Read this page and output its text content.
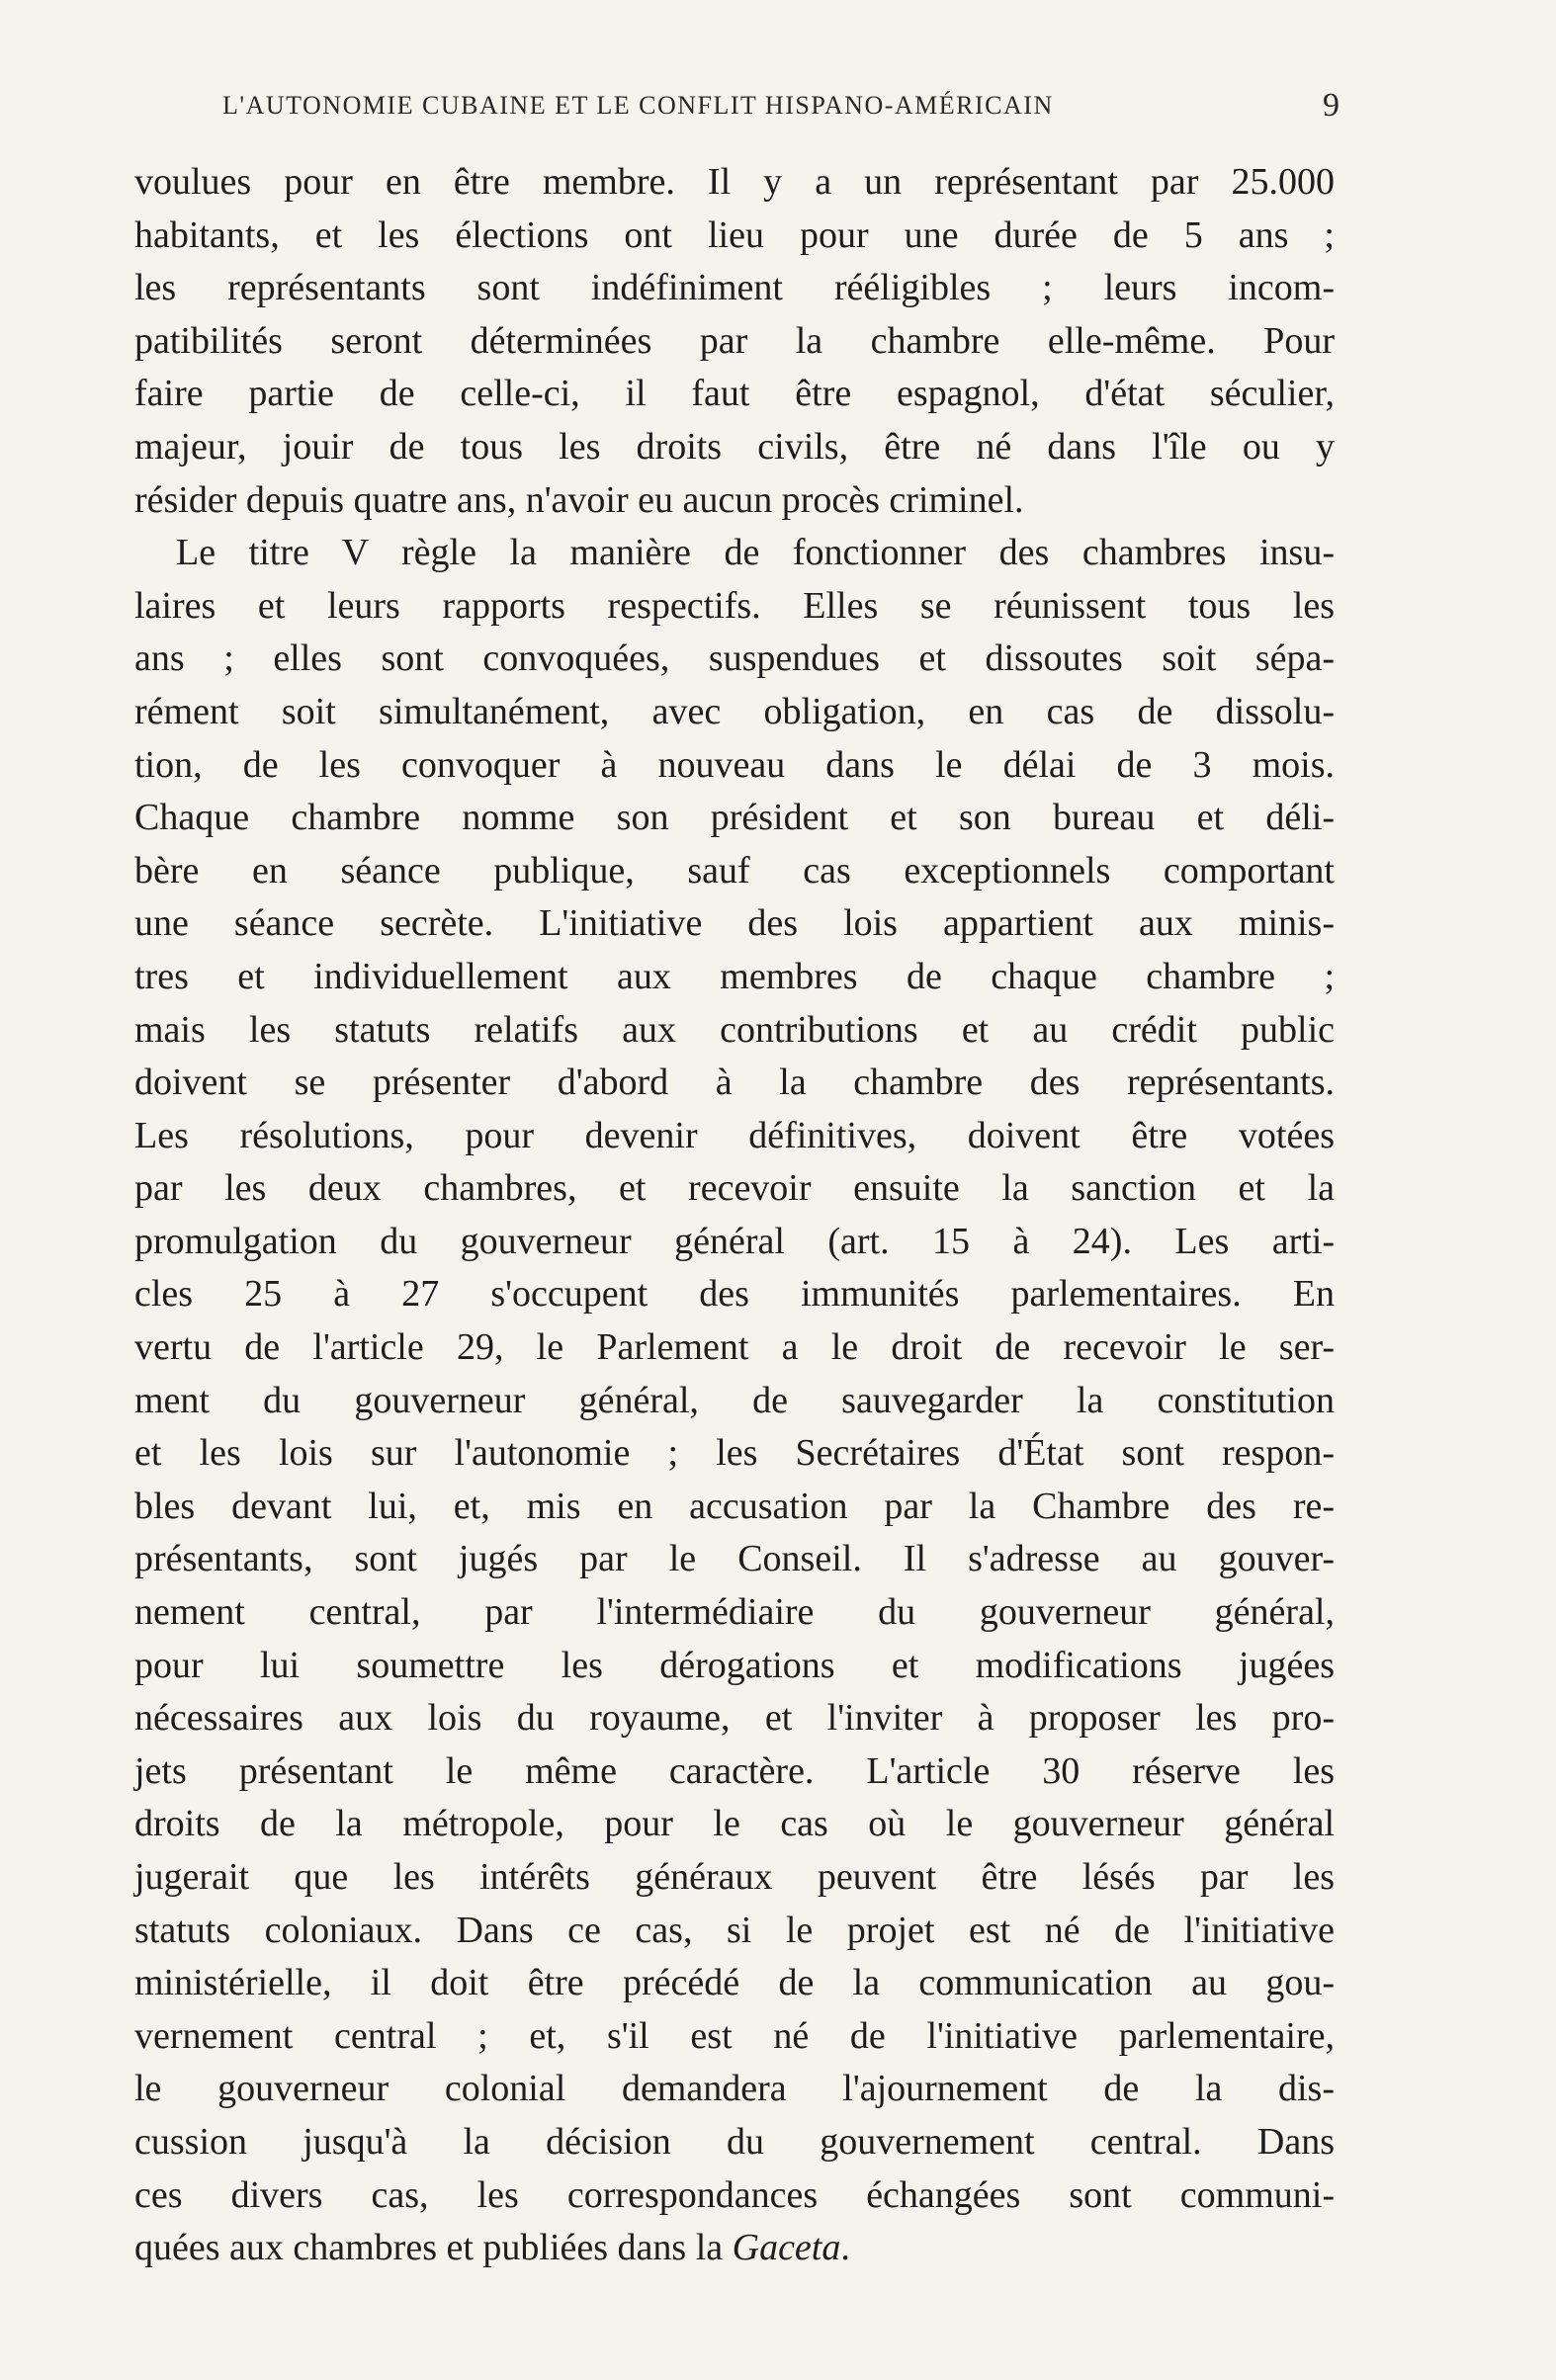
L'AUTONOMIE CUBAINE ET LE CONFLIT HISPANO-AMÉRICAIN	9
voulues pour en être membre. Il y a un représentant par 25.000
habitants, et les élections ont lieu pour une durée de 5 ans ;
les représentants sont indéfiniment rééligibles ; leurs incom-
patibilités seront déterminées par la chambre elle-même. Pour
faire partie de celle-ci, il faut être espagnol, d'état séculier,
majeur, jouir de tous les droits civils, être né dans l'île ou y
résider depuis quatre ans, n'avoir eu aucun procès criminel.
Le titre V règle la manière de fonctionner des chambres insu-
laires et leurs rapports respectifs. Elles se réunissent tous les
ans ; elles sont convoquées, suspendues et dissoutes soit sépa-
rément soit simultanément, avec obligation, en cas de dissolu-
tion, de les convoquer à nouveau dans le délai de 3 mois.
Chaque chambre nomme son président et son bureau et déli-
bère en séance publique, sauf cas exceptionnels comportant
une séance secrète. L'initiative des lois appartient aux minis-
tres et individuellement aux membres de chaque chambre ;
mais les statuts relatifs aux contributions et au crédit public
doivent se présenter d'abord à la chambre des représentants.
Les résolutions, pour devenir définitives, doivent être votées
par les deux chambres, et recevoir ensuite la sanction et la
promulgation du gouverneur général (art. 15 à 24). Les arti-
cles 25 à 27 s'occupent des immunités parlementaires. En
vertu de l'article 29, le Parlement a le droit de recevoir le ser-
ment du gouverneur général, de sauvegarder la constitution
et les lois sur l'autonomie ; les Secrétaires d'État sont respon-
bles devant lui, et, mis en accusation par la Chambre des re-
présentants, sont jugés par le Conseil. Il s'adresse au gouver-
nement central, par l'intermédiaire du gouverneur général,
pour lui soumettre les dérogations et modifications jugées
nécessaires aux lois du royaume, et l'inviter à proposer les pro-
jets présentant le même caractère. L'article 30 réserve les
droits de la métropole, pour le cas où le gouverneur général
jugerait que les intérêts généraux peuvent être lésés par les
statuts coloniaux. Dans ce cas, si le projet est né de l'initiative
ministérielle, il doit être précédé de la communication au gou-
vernement central ; et, s'il est né de l'initiative parlementaire,
le gouverneur colonial demandera l'ajournement de la dis-
cussion jusqu'à la décision du gouvernement central. Dans
ces divers cas, les correspondances échangées sont communi-
quées aux chambres et publiées dans la Gaceta.
